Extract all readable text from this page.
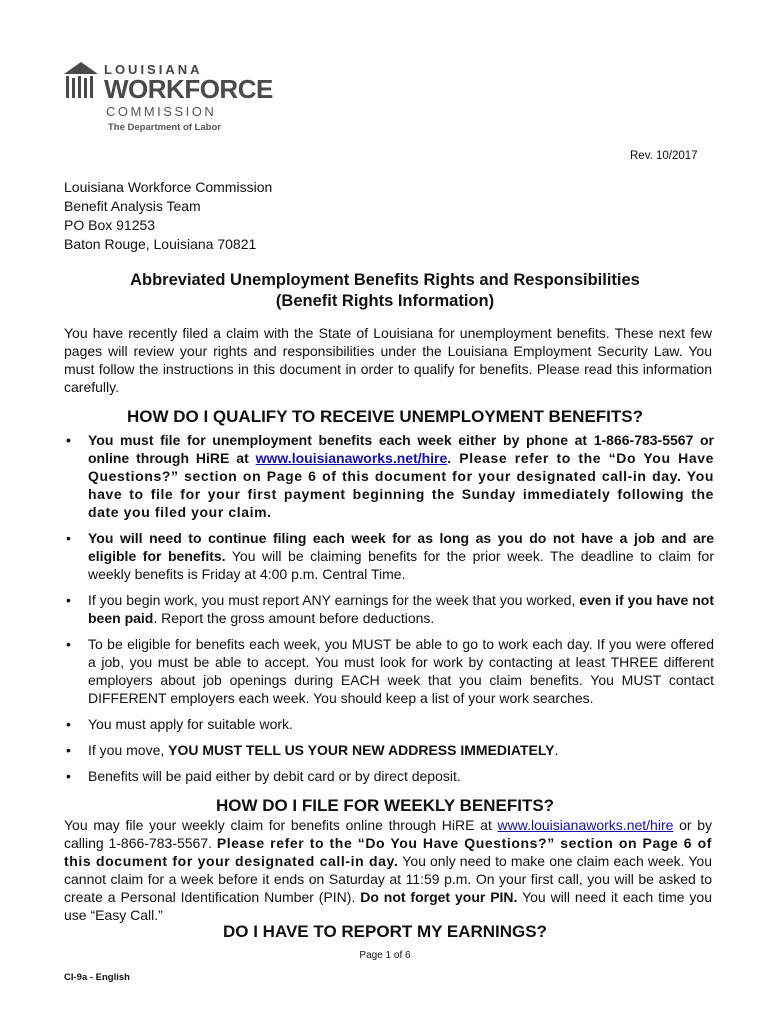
LOUISIANA
WORKFORCE
COMMISSION
The Department of Labor
Rev. 10/2017
Louisiana Workforce Commission
Benefit Analysis Team
PO Box 91253
Baton Rouge, Louisiana 70821
Abbreviated Unemployment Benefits Rights and Responsibilities
(Benefit Rights Information)
You have recently filed a claim with the State of Louisiana for unemployment benefits. These next few pages will review your rights and responsibilities under the Louisiana Employment Security Law. You must follow the instructions in this document in order to qualify for benefits. Please read this information carefully.
HOW DO I QUALIFY TO RECEIVE UNEMPLOYMENT BENEFITS?
• You must file for unemployment benefits each week either by phone at 1-866-783-5567 or online through HiRE at www.louisianaworks.net/hire. Please refer to the “Do You Have Questions?” section on Page 6 of this document for your designated call-in day. You have to file for your first payment beginning the Sunday immediately following the date you filed your claim.
• You will need to continue filing each week for as long as you do not have a job and are eligible for benefits. You will be claiming benefits for the prior week. The deadline to claim for weekly benefits is Friday at 4:00 p.m. Central Time.
• If you begin work, you must report ANY earnings for the week that you worked, even if you have not been paid. Report the gross amount before deductions.
• To be eligible for benefits each week, you MUST be able to go to work each day. If you were offered a job, you must be able to accept. You must look for work by contacting at least THREE different employers about job openings during EACH week that you claim benefits. You MUST contact DIFFERENT employers each week. You should keep a list of your work searches.
• You must apply for suitable work.
• If you move, YOU MUST TELL US YOUR NEW ADDRESS IMMEDIATELY.
• Benefits will be paid either by debit card or by direct deposit.
HOW DO I FILE FOR WEEKLY BENEFITS?
You may file your weekly claim for benefits online through HiRE at www.louisianaworks.net/hire or by calling 1-866-783-5567. Please refer to the “Do You Have Questions?” section on Page 6 of this document for your designated call-in day. You only need to make one claim each week. You cannot claim for a week before it ends on Saturday at 11:59 p.m. On your first call, you will be asked to create a Personal Identification Number (PIN). Do not forget your PIN. You will need it each time you use “Easy Call.”
DO I HAVE TO REPORT MY EARNINGS?
Page 1 of 6
CI-9a - English
